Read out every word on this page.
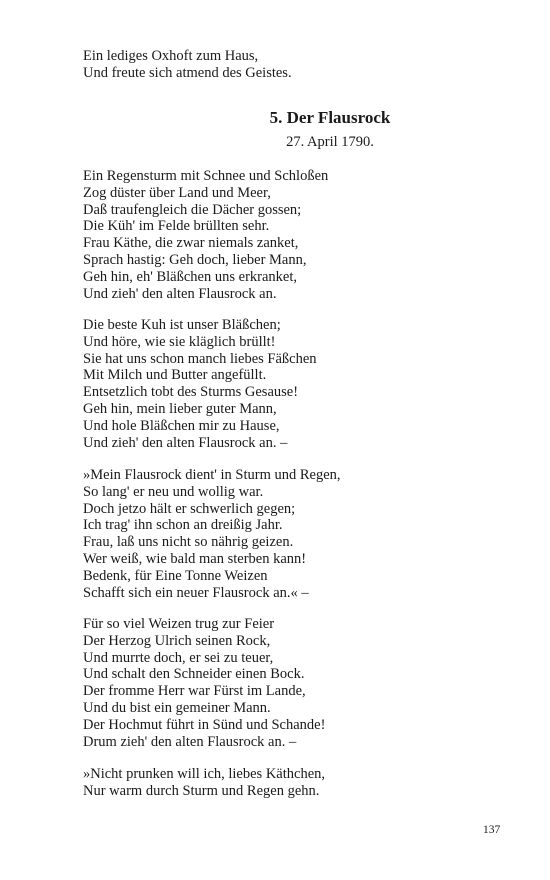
Ein lediges Oxhoft zum Haus,
Und freute sich atmend des Geistes.
5. Der Flausrock

27. April 1790.

Ein Regensturm mit Schnee und Schloßen
Zog düster über Land und Meer,
Daß traufengleich die Dächer gossen;
Die Küh' im Felde brüllten sehr.
Frau Käthe, die zwar niemals zanket,
Sprach hastig: Geh doch, lieber Mann,
Geh hin, eh' Bläßchen uns erkranket,
Und zieh' den alten Flausrock an.
Die beste Kuh ist unser Bläßchen;
Und höre, wie sie kläglich brüllt!
Sie hat uns schon manch liebes Fäßchen
Mit Milch und Butter angefüllt.
Entsetzlich tobt des Sturms Gesause!
Geh hin, mein lieber guter Mann,
Und hole Bläßchen mir zu Hause,
Und zieh' den alten Flausrock an. –
»Mein Flausrock dient' in Sturm und Regen,
So lang' er neu und wollig war.
Doch jetzo hält er schwerlich gegen;
Ich trag' ihn schon an dreißig Jahr.
Frau, laß uns nicht so nährig geizen.
Wer weiß, wie bald man sterben kann!
Bedenk, für Eine Tonne Weizen
Schafft sich ein neuer Flausrock an.« –
Für so viel Weizen trug zur Feier
Der Herzog Ulrich seinen Rock,
Und murrte doch, er sei zu teuer,
Und schalt den Schneider einen Bock.
Der fromme Herr war Fürst im Lande,
Und du bist ein gemeiner Mann.
Der Hochmut führt in Sünd und Schande!
Drum zieh' den alten Flausrock an. –
»Nicht prunken will ich, liebes Käthchen,
Nur warm durch Sturm und Regen gehn.
137
